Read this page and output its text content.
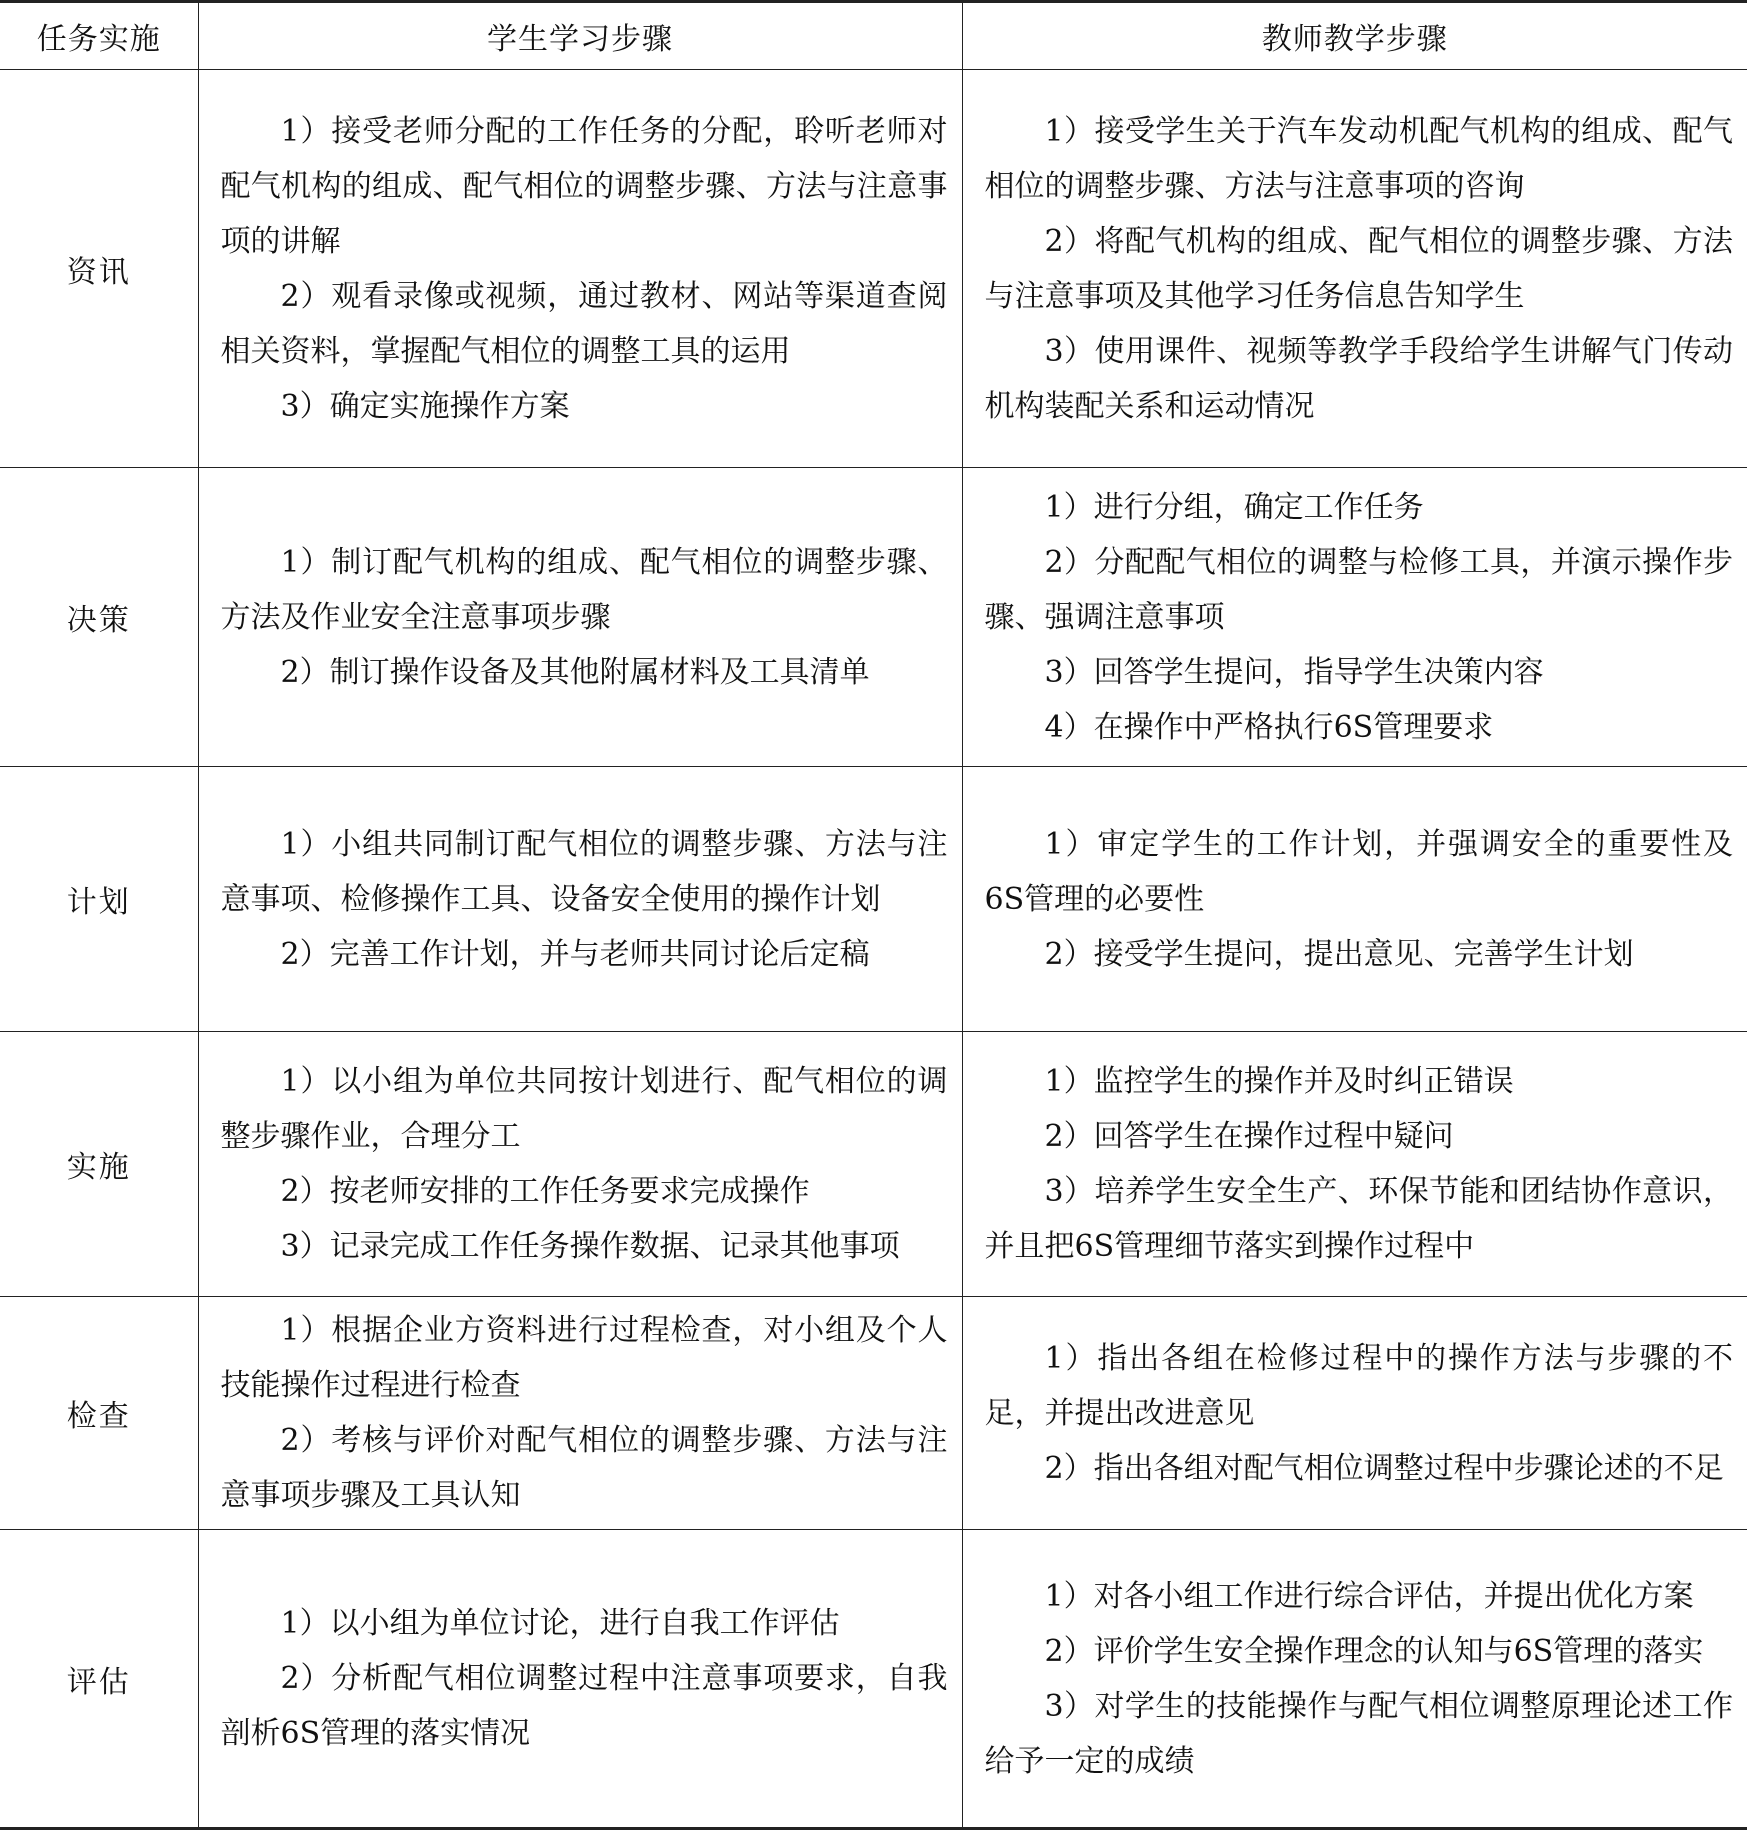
任务实施	学生学习步骤	教师教学步骤
资讯	1）接受老师分配的工作任务的分配，聆听老师对配气机构的组成、配气相位的调整步骤、方法与注意事项的讲解
2）观看录像或视频，通过教材、网站等渠道查阅相关资料，掌握配气相位的调整工具的运用
3）确定实施操作方案	1）接受学生关于汽车发动机配气机构的组成、配气相位的调整步骤、方法与注意事项的咨询
2）将配气机构的组成、配气相位的调整步骤、方法与注意事项及其他学习任务信息告知学生
3）使用课件、视频等教学手段给学生讲解气门传动机构装配关系和运动情况

决策	1）制订配气机构的组成、配气相位的调整步骤、方法及作业安全注意事项步骤
2）制订操作设备及其他附属材料及工具清单	1）进行分组，确定工作任务
2）分配配气相位的调整与检修工具，并演示操作步骤、强调注意事项
3）回答学生提问，指导学生决策内容
4）在操作中严格执行6S管理要求

计划	1）小组共同制订配气相位的调整步骤、方法与注意事项、检修操作工具、设备安全使用的操作计划
2）完善工作计划，并与老师共同讨论后定稿	1）审定学生的工作计划，并强调安全的重要性及6S管理的必要性
2）接受学生提问，提出意见、完善学生计划

实施	1）以小组为单位共同按计划进行、配气相位的调整步骤作业，合理分工
2）按老师安排的工作任务要求完成操作
3）记录完成工作任务操作数据、记录其他事项	1）监控学生的操作并及时纠正错误
2）回答学生在操作过程中疑问
3）培养学生安全生产、环保节能和团结协作意识，并且把6S管理细节落实到操作过程中

检查	1）根据企业方资料进行过程检查，对小组及个人技能操作过程进行检查
2）考核与评价对配气相位的调整步骤、方法与注意事项步骤及工具认知	1）指出各组在检修过程中的操作方法与步骤的不足，并提出改进意见
2）指出各组对配气相位调整过程中步骤论述的不足

评估	1）以小组为单位讨论，进行自我工作评估
2）分析配气相位调整过程中注意事项要求，自我剖析6S管理的落实情况	1）对各小组工作进行综合评估，并提出优化方案
2）评价学生安全操作理念的认知与6S管理的落实
3）对学生的技能操作与配气相位调整原理论述工作给予一定的成绩
